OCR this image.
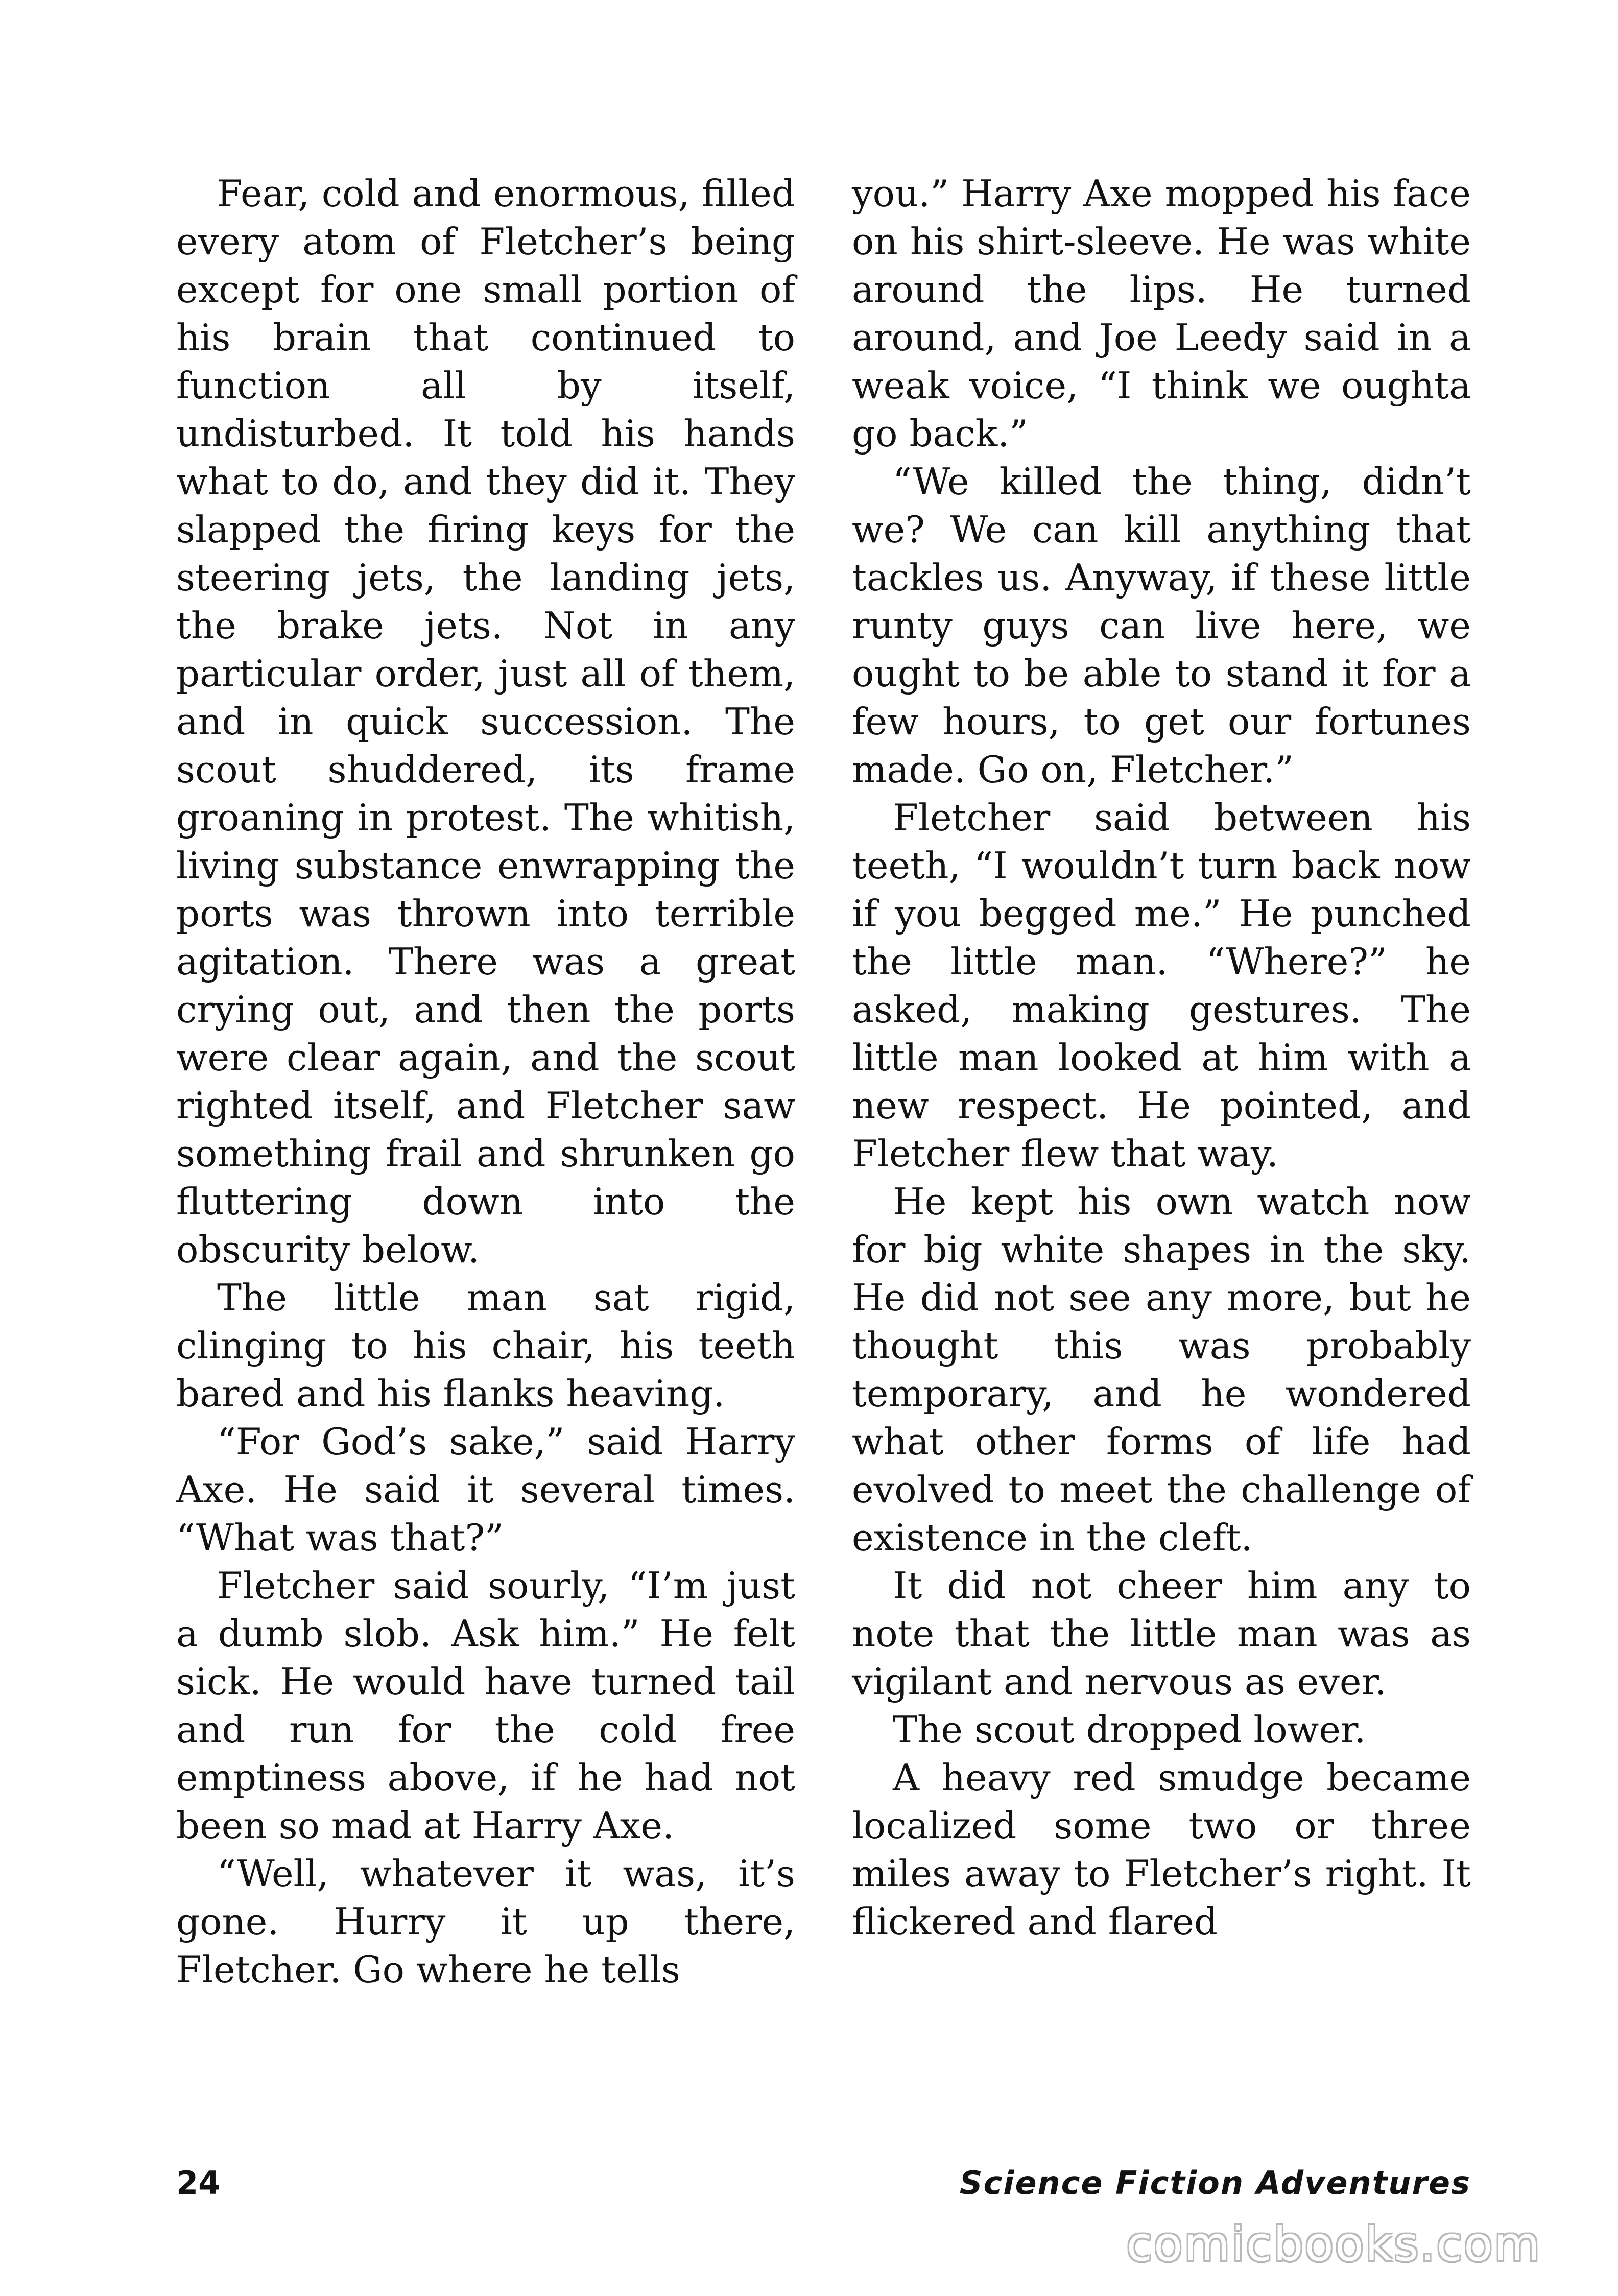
Fear, cold and enormous, filled every atom of Fletcher’s being except for one small portion of his brain that continued to function all by itself, undisturbed. It told his hands what to do, and they did it. They slapped the firing keys for the steering jets, the landing jets, the brake jets. Not in any particular order, just all of them, and in quick succession. The scout shuddered, its frame groaning in protest. The whitish, living substance enwrapping the ports was thrown into terrible agitation. There was a great crying out, and then the ports were clear again, and the scout righted itself, and Fletcher saw something frail and shrunken go fluttering down into the obscurity below.

The little man sat rigid, clinging to his chair, his teeth bared and his flanks heaving.

“For God’s sake,” said Harry Axe. He said it several times. “What was that?”

Fletcher said sourly, “I’m just a dumb slob. Ask him.” He felt sick. He would have turned tail and run for the cold free emptiness above, if he had not been so mad at Harry Axe.

“Well, whatever it was, it’s gone. Hurry it up there, Fletcher. Go where he tells

you.” Harry Axe mopped his face on his shirt-sleeve. He was white around the lips. He turned around, and Joe Leedy said in a weak voice, “I think we oughta go back.”

“We killed the thing, didn’t we? We can kill anything that tackles us. Anyway, if these little runty guys can live here, we ought to be able to stand it for a few hours, to get our fortunes made. Go on, Fletcher.”

Fletcher said between his teeth, “I wouldn’t turn back now if you begged me.” He punched the little man. “Where?” he asked, making gestures. The little man looked at him with a new respect. He pointed, and Fletcher flew that way.

He kept his own watch now for big white shapes in the sky. He did not see any more, but he thought this was probably temporary, and he wondered what other forms of life had evolved to meet the challenge of existence in the cleft.

It did not cheer him any to note that the little man was as vigilant and nervous as ever.

The scout dropped lower.

A heavy red smudge became localized some two or three miles away to Fletcher’s right. It flickered and flared

24	Science Fiction Adventures
comicbooks.com
